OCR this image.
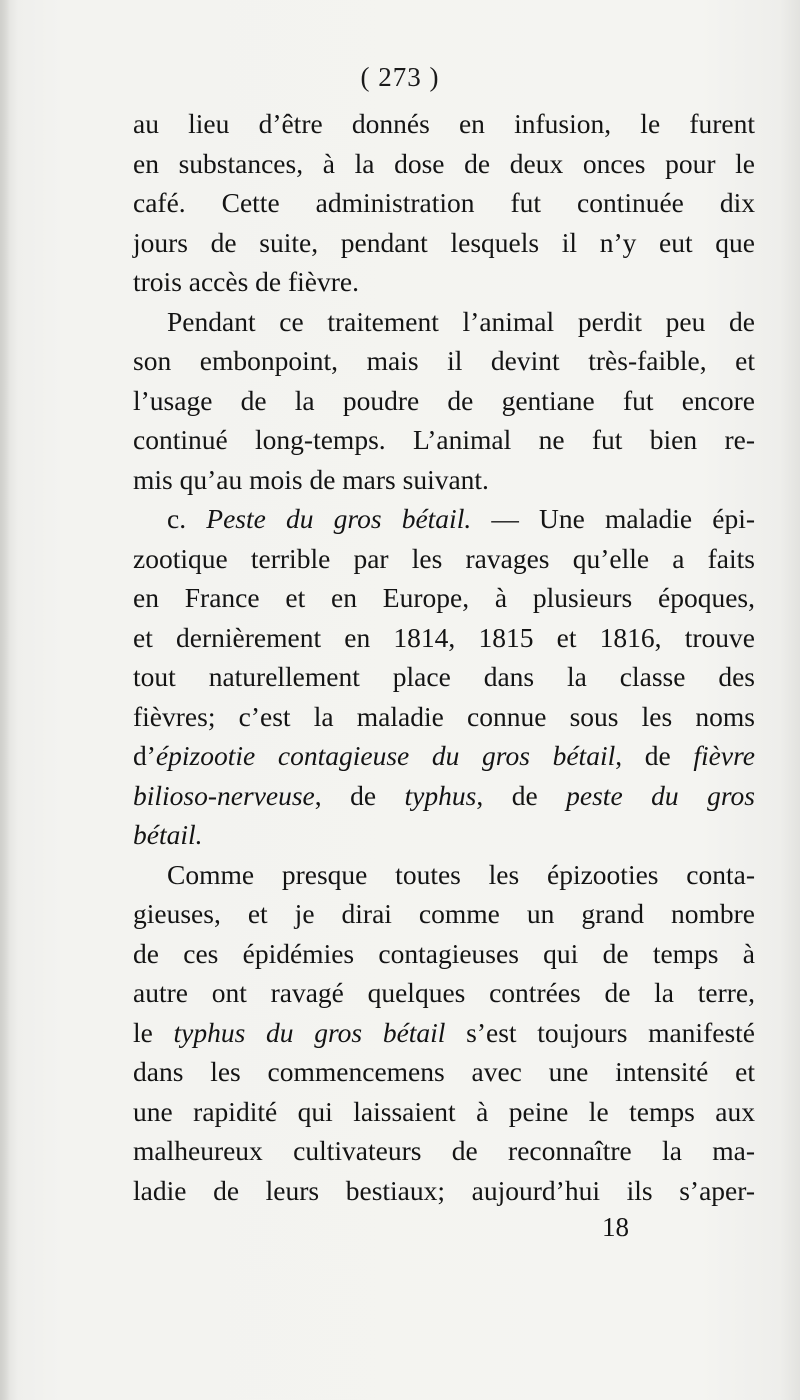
( 273 )
au lieu d’être donnés en infusion, le furent
en substances, à la dose de deux onces pour le
café. Cette administration fut continuée dix
jours de suite, pendant lesquels il n’y eut que
trois accès de fièvre.
Pendant ce traitement l’animal perdit peu de
son embonpoint, mais il devint très-faible, et
l’usage de la poudre de gentiane fut encore
continué long-temps. L’animal ne fut bien re-
mis qu’au mois de mars suivant.
c. Peste du gros bétail. — Une maladie épi-
zootique terrible par les ravages qu’elle a faits
en France et en Europe, à plusieurs époques,
et dernièrement en 1814, 1815 et 1816, trouve
tout naturellement place dans la classe des
fièvres; c’est la maladie connue sous les noms
d’épizootie contagieuse du gros bétail, de fièvre
bilioso-nerveuse, de typhus, de peste du gros
bétail.
Comme presque toutes les épizooties conta-
gieuses, et je dirai comme un grand nombre
de ces épidémies contagieuses qui de temps à
autre ont ravagé quelques contrées de la terre,
le typhus du gros bétail s’est toujours manifesté
dans les commencemens avec une intensité et
une rapidité qui laissaient à peine le temps aux
malheureux cultivateurs de reconnaître la ma-
ladie de leurs bestiaux; aujourd’hui ils s’aper-
18
